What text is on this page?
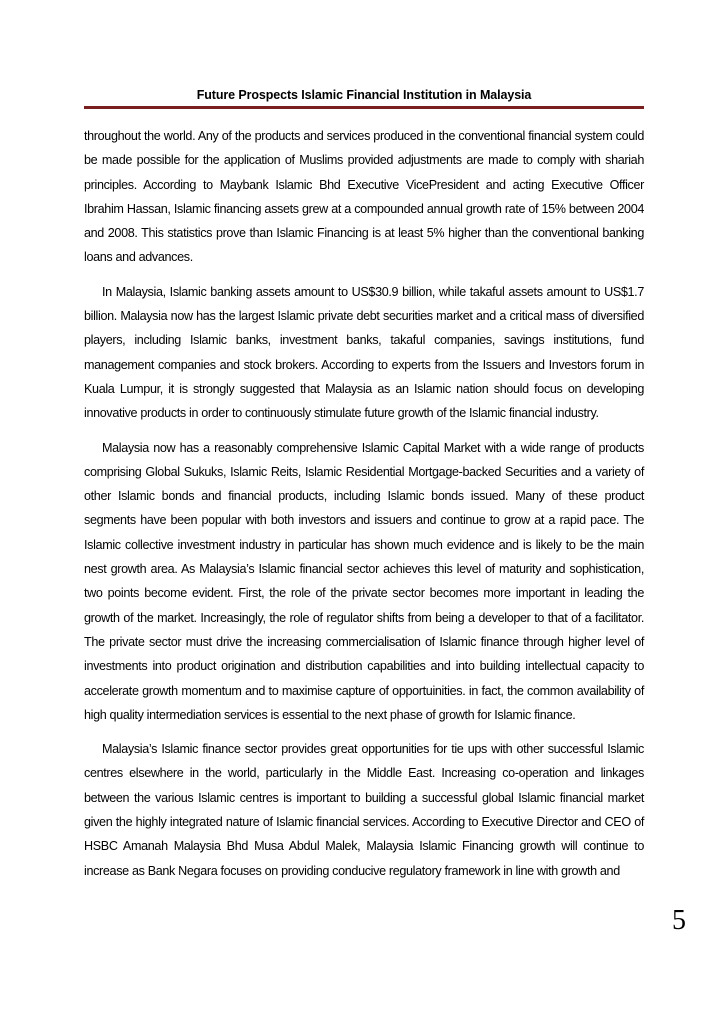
Future Prospects Islamic Financial Institution in Malaysia

throughout the world. Any of the products and services produced in the conventional financial system could be made possible for the application of Muslims provided adjustments are made to comply with shariah principles. According to Maybank Islamic Bhd Executive VicePresident and acting Executive Officer Ibrahim Hassan, Islamic financing assets grew at a compounded annual growth rate of 15% between 2004 and 2008. This statistics prove than Islamic Financing is at least 5% higher than the conventional banking loans and advances.

In Malaysia, Islamic banking assets amount to US$30.9 billion, while takaful assets amount to US$1.7 billion. Malaysia now has the largest Islamic private debt securities market and a critical mass of diversified players, including Islamic banks, investment banks, takaful companies, savings institutions, fund management companies and stock brokers. According to experts from the Issuers and Investors forum in Kuala Lumpur, it is strongly suggested that Malaysia as an Islamic nation should focus on developing innovative products in order to continuously stimulate future growth of the Islamic financial industry.

Malaysia now has a reasonably comprehensive Islamic Capital Market with a wide range of products comprising Global Sukuks, Islamic Reits, Islamic Residential Mortgage-backed Securities and a variety of other Islamic bonds and financial products, including Islamic bonds issued. Many of these product segments have been popular with both investors and issuers and continue to grow at a rapid pace. The Islamic collective investment industry in particular has shown much evidence and is likely to be the main nest growth area. As Malaysia’s Islamic financial sector achieves this level of maturity and sophistication, two points become evident. First, the role of the private sector becomes more important in leading the growth of the market. Increasingly, the role of regulator shifts from being a developer to that of a facilitator. The private sector must drive the increasing commercialisation of Islamic finance through higher level of investments into product origination and distribution capabilities and into building intellectual capacity to accelerate growth momentum and to maximise capture of opportuinities. in fact, the common availability of high quality intermediation services is essential to the next phase of growth for Islamic finance.

Malaysia’s Islamic finance sector provides great opportunities for tie ups with other successful Islamic centres elsewhere in the world, particularly in the Middle East. Increasing co-operation and linkages between the various Islamic centres is important to building a successful global Islamic financial market given the highly integrated nature of Islamic financial services. According to Executive Director and CEO of HSBC Amanah Malaysia Bhd Musa Abdul Malek, Malaysia Islamic Financing growth will continue to increase as Bank Negara focuses on providing conducive regulatory framework in line with growth and

5
